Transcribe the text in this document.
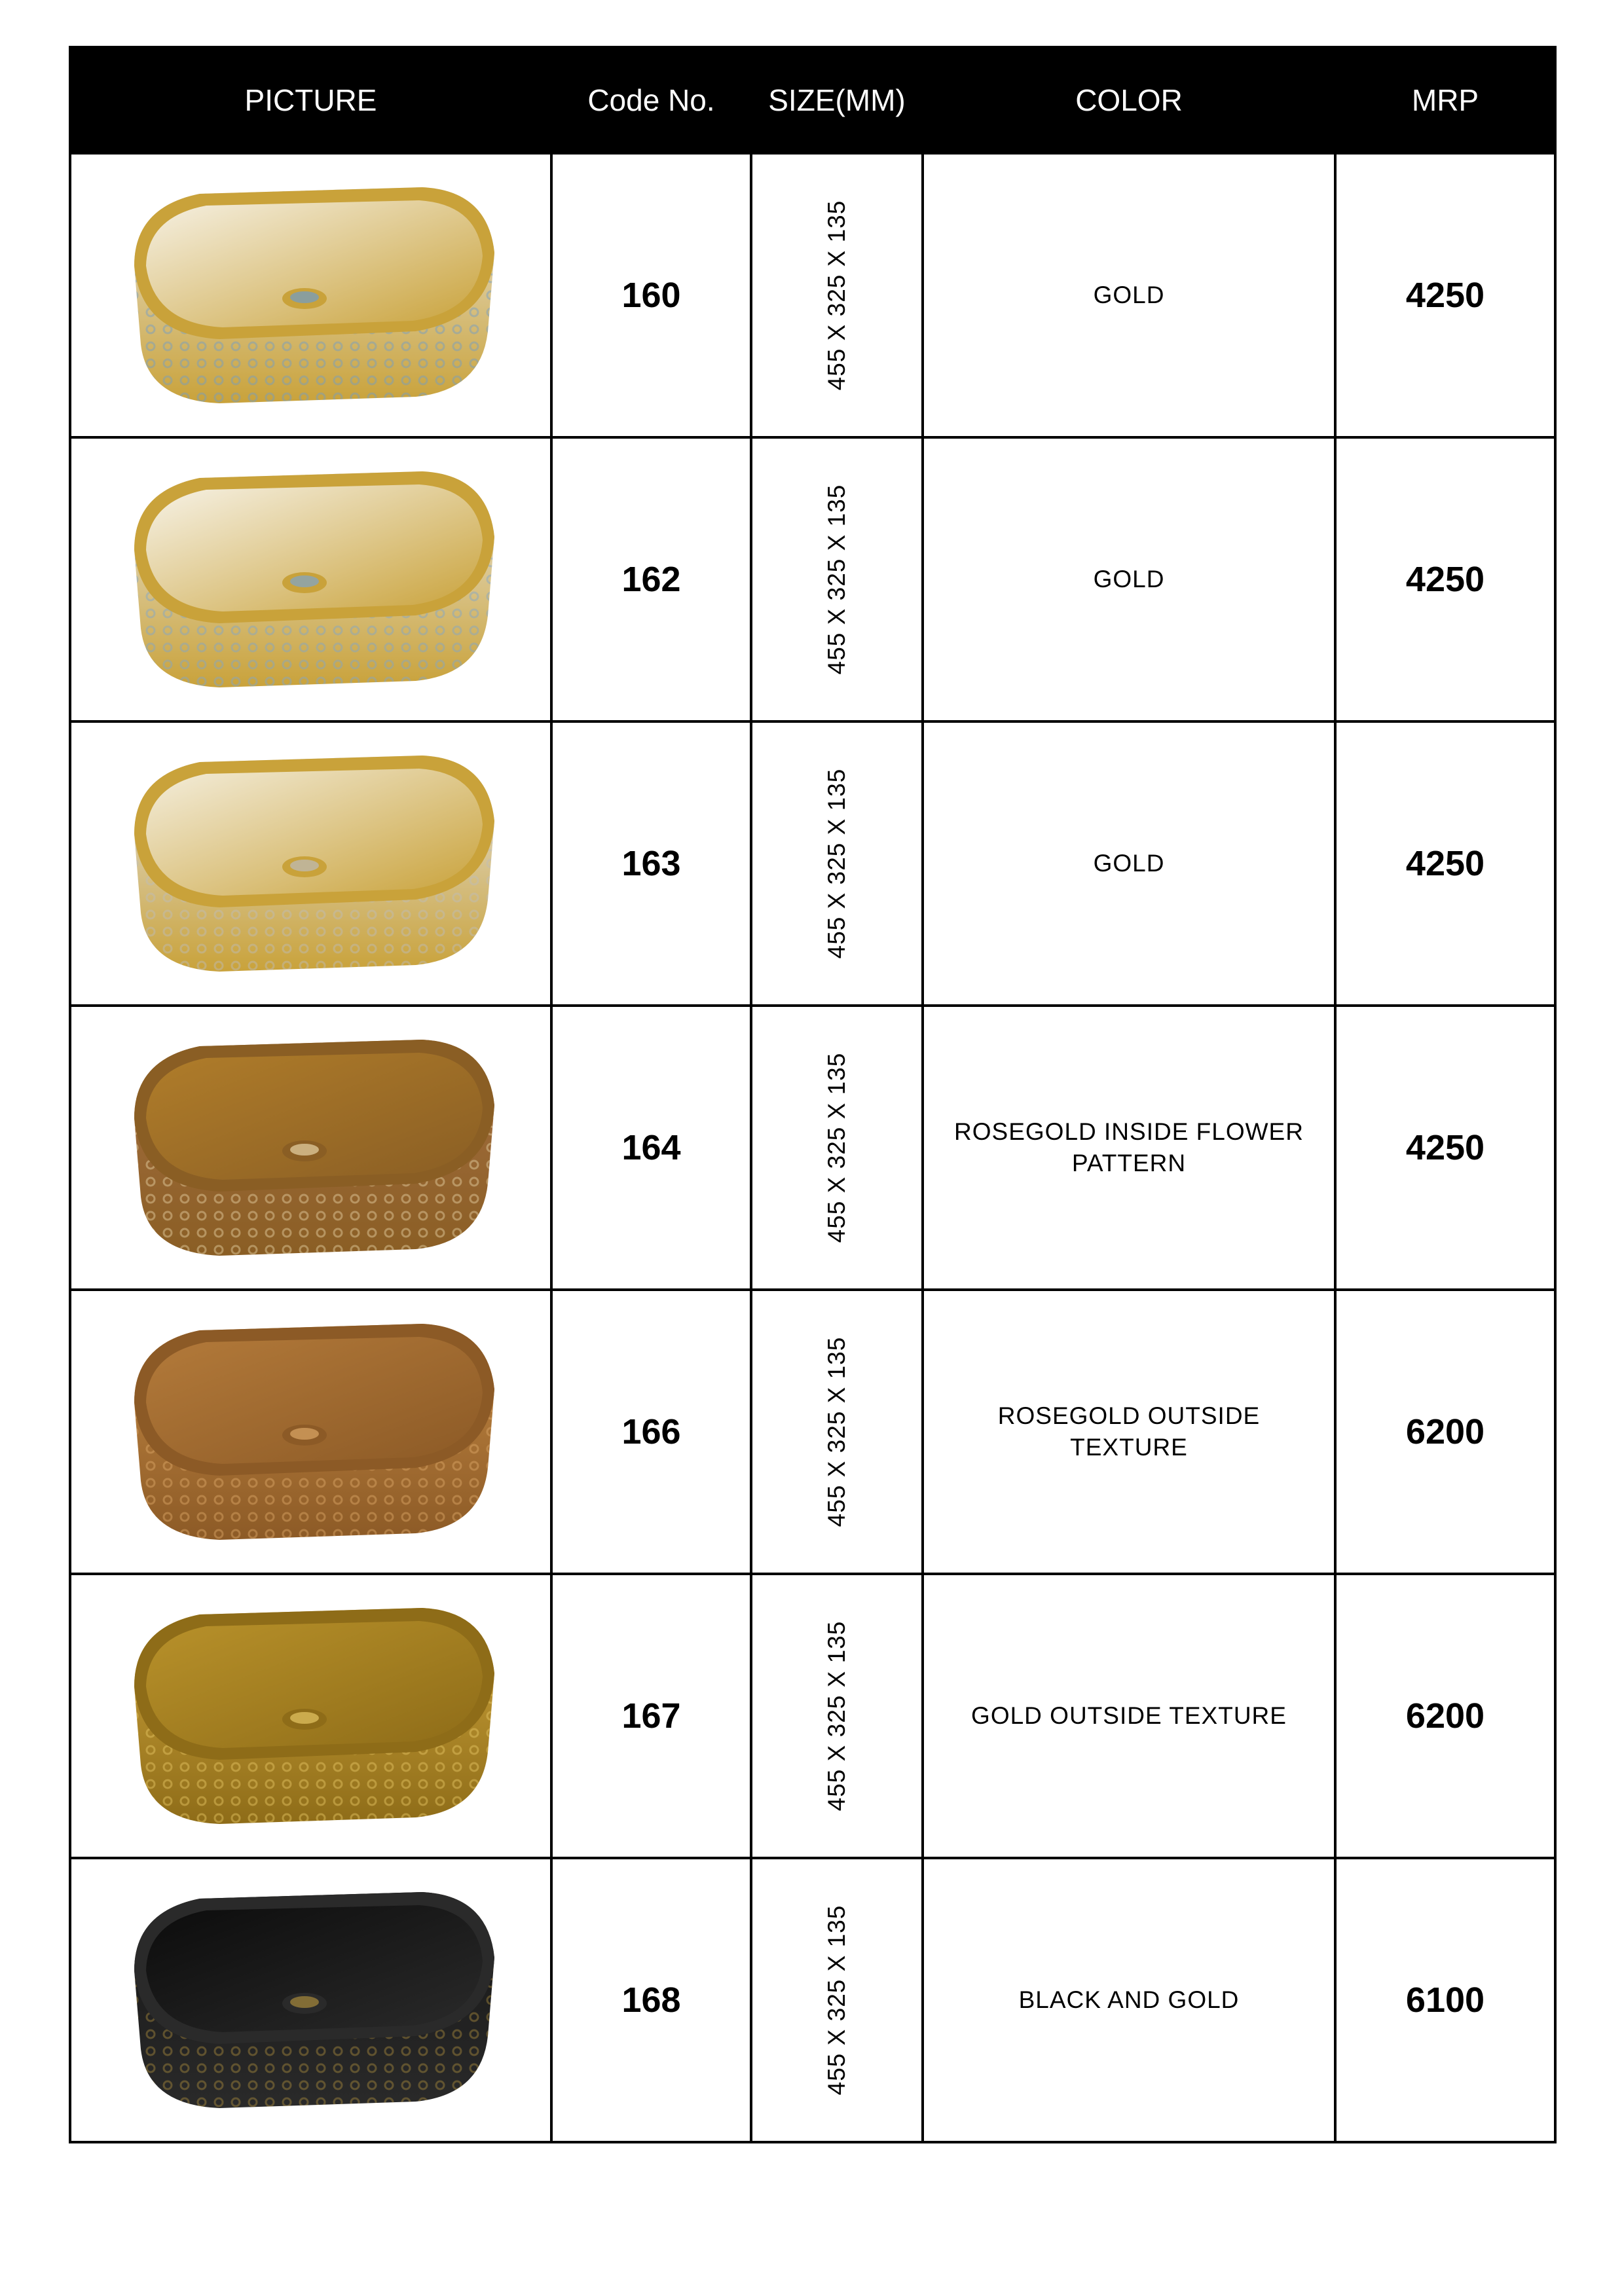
PICTURE	Code No.	SIZE(MM)	COLOR	MRP

	160	455 X 325 X 135	GOLD	4250

	162	455 X 325 X 135	GOLD	4250

	163	455 X 325 X 135	GOLD	4250

	164	455 X 325 X 135	ROSEGOLD INSIDE FLOWER PATTERN	4250

	166	455 X 325 X 135	ROSEGOLD OUTSIDE TEXTURE	6200

	167	455 X 325 X 135	GOLD OUTSIDE TEXTURE	6200

	168	455 X 325 X 135	BLACK AND GOLD	6100
